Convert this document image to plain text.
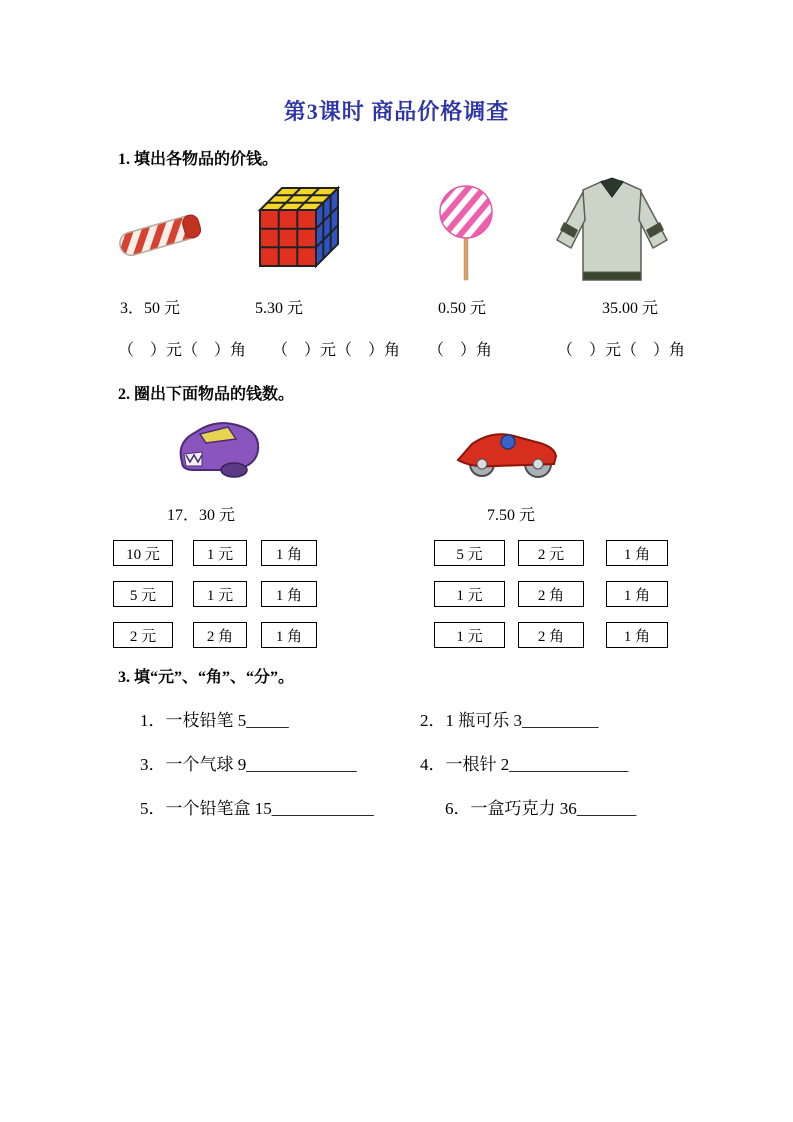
第3课时 商品价格调查
1. 填出各物品的价钱。
3．50 元	5.30 元	0.50 元	35.00 元
（　）元（　）角 （　）元（　）角 （　）角	（　）元（　）角
2. 圈出下面物品的钱数。
17．30 元	7.50 元
10 元	1 元	1 角
5 元	1 元	1 角
2 元	2 角	1 角
5 元	2 元	1 角
1 元	2 角	1 角
1 元	2 角	1 角
3. 填“元”、“角”、“分”。
1．一枝铅笔 5_____	2．1 瓶可乐 3_________
3．一个气球 9_____________	4．一根针 2______________
5．一个铅笔盒 15____________	6．一盒巧克力 36_______
